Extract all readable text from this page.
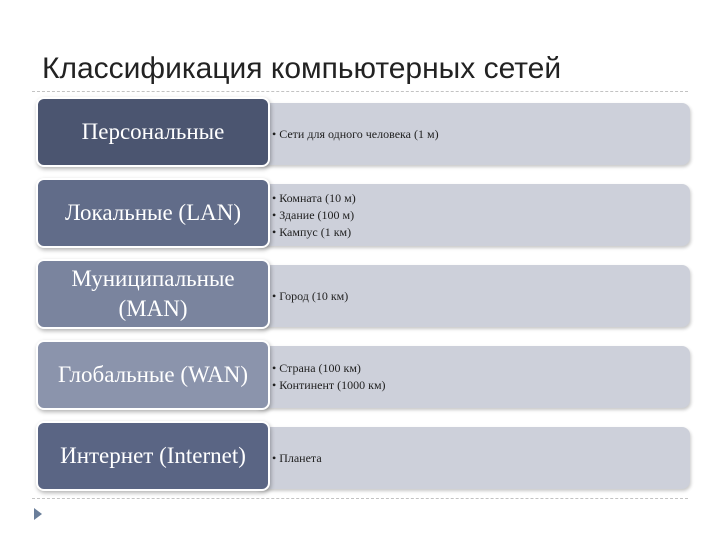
Классификация компьютерных сетей
• Сети для одного человека (1 м)
Персональные
• Комната (10 м)
• Здание (100 м)
• Кампус (1 км)
Локальные (LAN)
• Город (10 км)
Муниципальные (MAN)
• Страна (100 км)
• Континент (1000 км)
Глобальные (WAN)
• Планета
Интернет (Internet)
